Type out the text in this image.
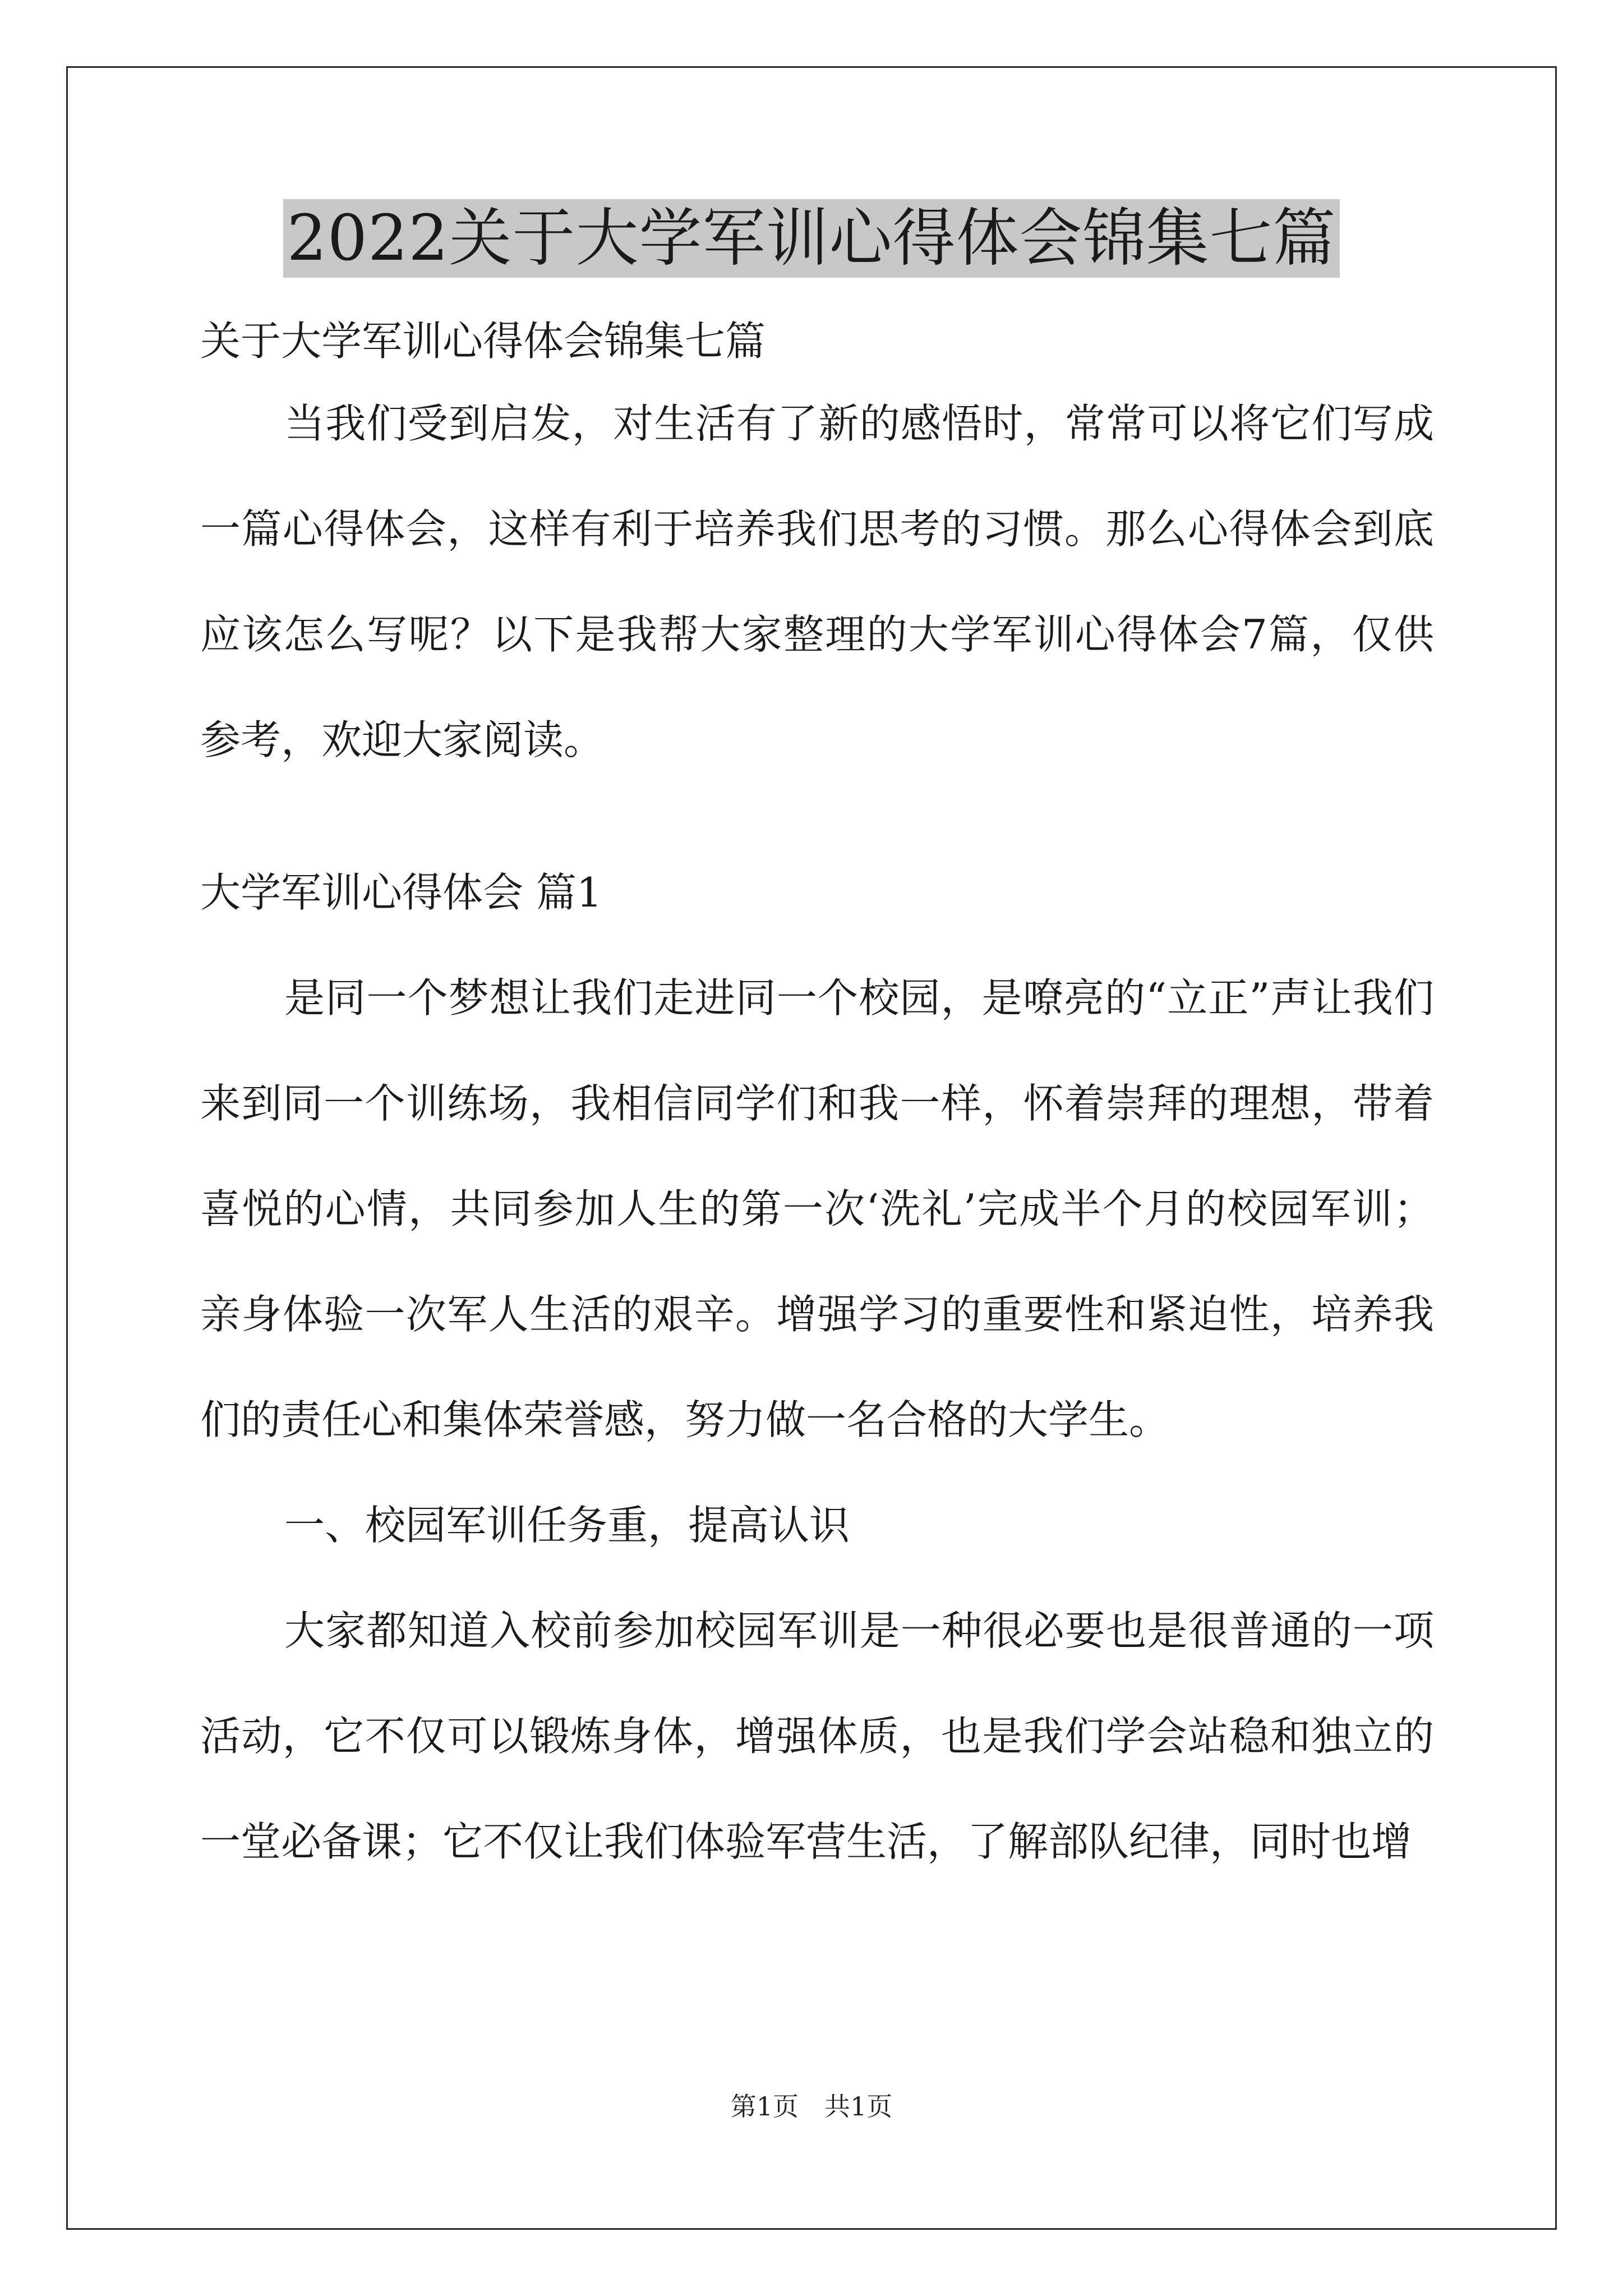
2022关于大学军训心得体会锦集七篇
关于大学军训心得体会锦集七篇

当我们受到启发，对生活有了新的感悟时，常常可以将它们写成一篇心得体会，这样有利于培养我们思考的习惯。那么心得体会到底应该怎么写呢？以下是我帮大家整理的大学军训心得体会7篇，仅供参考，欢迎大家阅读。

大学军训心得体会 篇1

是同一个梦想让我们走进同一个校园，是嘹亮的“立正”声让我们来到同一个训练场，我相信同学们和我一样，怀着崇拜的理想，带着喜悦的心情，共同参加人生的第一次‘洗礼’完成半个月的校园军训；亲身体验一次军人生活的艰辛。增强学习的重要性和紧迫性，培养我们的责任心和集体荣誉感，努力做一名合格的大学生。

一、校园军训任务重，提高认识

大家都知道入校前参加校园军训是一种很必要也是很普通的一项活动，它不仅可以锻炼身体，增强体质，也是我们学会站稳和独立的一堂必备课；它不仅让我们体验军营生活，了解部队纪律，同时也增

第1页　共1页
